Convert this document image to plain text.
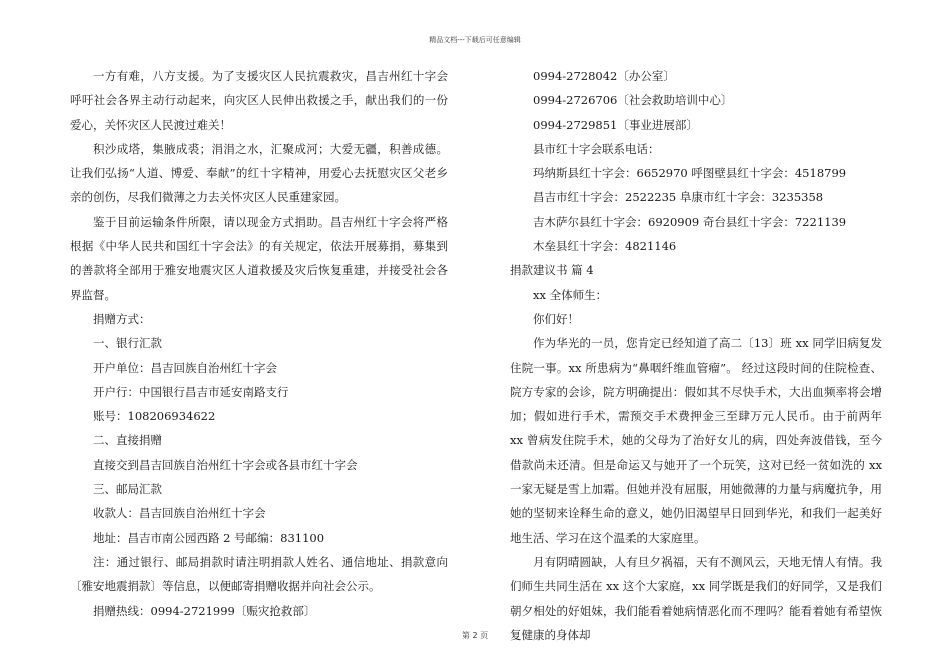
精品文档---下载后可任意编辑

一方有难，八方支援。为了支援灾区人民抗震救灾，昌吉州红十字会呼吁社会各界主动行动起来，向灾区人民伸出救援之手，献出我们的一份爱心，关怀灾区人民渡过难关！

积沙成塔，集腋成裘；涓涓之水，汇聚成河；大爱无疆，积善成德。让我们弘扬“人道、博爱、奉献”的红十字精神，用爱心去抚慰灾区父老乡亲的创伤，尽我们微薄之力去关怀灾区人民重建家园。

鉴于目前运输条件所限，请以现金方式捐助。昌吉州红十字会将严格根据《中华人民共和国红十字会法》的有关规定，依法开展募捐，募集到的善款将全部用于雅安地震灾区人道救援及灾后恢复重建，并接受社会各界监督。

捐赠方式：

一、银行汇款

开户单位：昌吉回族自治州红十字会

开户行：中国银行昌吉市延安南路支行

账号：108206934622

二、直接捐赠

直接交到昌吉回族自治州红十字会或各县市红十字会

三、邮局汇款

收款人：昌吉回族自治州红十字会

地址：昌吉市南公园西路 2 号邮编：831100

注：通过银行、邮局捐款时请注明捐款人姓名、通信地址、捐款意向〔雅安地震捐款〕等信息，以便邮寄捐赠收据并向社会公示。

捐赠热线：0994-2721999〔赈灾抢救部〕

0994-2728042〔办公室〕

0994-2726706〔社会救助培训中心〕

0994-2729851〔事业进展部〕

县市红十字会联系电话：

玛纳斯县红十字会：6652970 呼图壁县红十字会：4518799

昌吉市红十字会：2522235 阜康市红十字会：3235358

吉木萨尔县红十字会：6920909 奇台县红十字会：7221139

木垒县红十字会：4821146

捐款建议书 篇 4

xx 全体师生：

你们好！

作为华光的一员，您肯定已经知道了高二〔13〕班 xx 同学旧病复发住院一事。xx 所患病为“鼻咽纤维血管瘤”。 经过这段时间的住院检查、院方专家的会诊，院方明确提出：假如其不尽快手术，大出血频率将会增加；假如进行手术，需预交手术费押金三至肆万元人民币。由于前两年 xx 曾病发住院手术，她的父母为了治好女儿的病，四处奔波借钱，至今借款尚未还清。但是命运又与她开了一个玩笑，这对已经一贫如洗的 xx 一家无疑是雪上加霜。但她并没有屈服，用她微薄的力量与病魔抗争，用她的坚韧来诠释生命的意义，她仍旧渴望早日回到华光，和我们一起美好地生活、学习在这个温柔的大家庭里。

月有阴晴圆缺，人有旦夕祸福，天有不测风云，天地无情人有情。我们师生共同生活在 xx 这个大家庭，xx 同学既是我们的好同学，又是我们朝夕相处的好姐妹，我们能看着她病情恶化而不理吗？能看着她有希望恢复健康的身体却

第 2 页
